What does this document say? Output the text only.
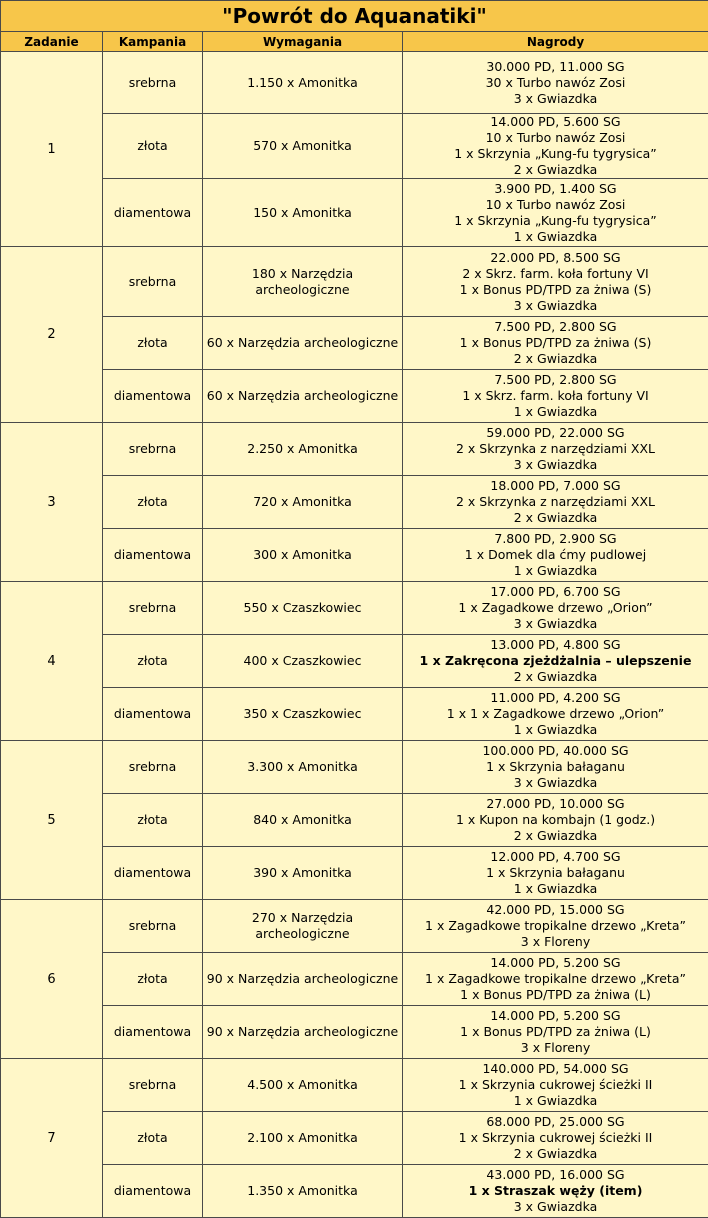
"Powrót do Aquanatiki"			
Zadanie	Kampania	Wymagania	Nagrody
1	srebrna	1.150 x Amonitka	30.000 PD, 11.000 SG
30 x Turbo nawóz Zosi
3 x Gwiazdka

	złota	570 x Amonitka	14.000 PD, 5.600 SG
10 x Turbo nawóz Zosi
1 x Skrzynia „Kung-fu tygrysica”
2 x Gwiazdka

	diamentowa	150 x Amonitka	3.900 PD, 1.400 SG
10 x Turbo nawóz Zosi
1 x Skrzynia „Kung-fu tygrysica”
1 x Gwiazdka

2	srebrna	180 x Narzędzia archeologiczne	22.000 PD, 8.500 SG
2 x Skrz. farm. koła fortuny VI
1 x Bonus PD/TPD za żniwa (S)
3 x Gwiazdka

	złota	60 x Narzędzia archeologiczne	7.500 PD, 2.800 SG
1 x Bonus PD/TPD za żniwa (S)
2 x Gwiazdka

	diamentowa	60 x Narzędzia archeologiczne	7.500 PD, 2.800 SG
1 x Skrz. farm. koła fortuny VI
1 x Gwiazdka

3	srebrna	2.250 x Amonitka	59.000 PD, 22.000 SG
2 x Skrzynka z narzędziami XXL
3 x Gwiazdka

	złota	720 x Amonitka	18.000 PD, 7.000 SG
2 x Skrzynka z narzędziami XXL
2 x Gwiazdka

	diamentowa	300 x Amonitka	7.800 PD, 2.900 SG
1 x Domek dla ćmy pudlowej
1 x Gwiazdka

4	srebrna	550 x Czaszkowiec	17.000 PD, 6.700 SG
1 x Zagadkowe drzewo „Orion”
3 x Gwiazdka

	złota	400 x Czaszkowiec	13.000 PD, 4.800 SG
1 x Zakręcona zjeżdżalnia – ulepszenie
2 x Gwiazdka

	diamentowa	350 x Czaszkowiec	11.000 PD, 4.200 SG
1 x 1 x Zagadkowe drzewo „Orion”
1 x Gwiazdka

5	srebrna	3.300 x Amonitka	100.000 PD, 40.000 SG
1 x Skrzynia bałaganu
3 x Gwiazdka

	złota	840 x Amonitka	27.000 PD, 10.000 SG
1 x Kupon na kombajn (1 godz.)
2 x Gwiazdka

	diamentowa	390 x Amonitka	12.000 PD, 4.700 SG
1 x Skrzynia bałaganu
1 x Gwiazdka

6	srebrna	270 x Narzędzia archeologiczne	42.000 PD, 15.000 SG
1 x Zagadkowe tropikalne drzewo „Kreta”
3 x Floreny

	złota	90 x Narzędzia archeologiczne	14.000 PD, 5.200 SG
1 x Zagadkowe tropikalne drzewo „Kreta”
1 x Bonus PD/TPD za żniwa (L)

	diamentowa	90 x Narzędzia archeologiczne	14.000 PD, 5.200 SG
1 x Bonus PD/TPD za żniwa (L)
3 x Floreny

7	srebrna	4.500 x Amonitka	140.000 PD, 54.000 SG
1 x Skrzynia cukrowej ścieżki II
1 x Gwiazdka

	złota	2.100 x Amonitka	68.000 PD, 25.000 SG
1 x Skrzynia cukrowej ścieżki II
2 x Gwiazdka

	diamentowa	1.350 x Amonitka	43.000 PD, 16.000 SG
1 x Straszak węży (item)
3 x Gwiazdka
